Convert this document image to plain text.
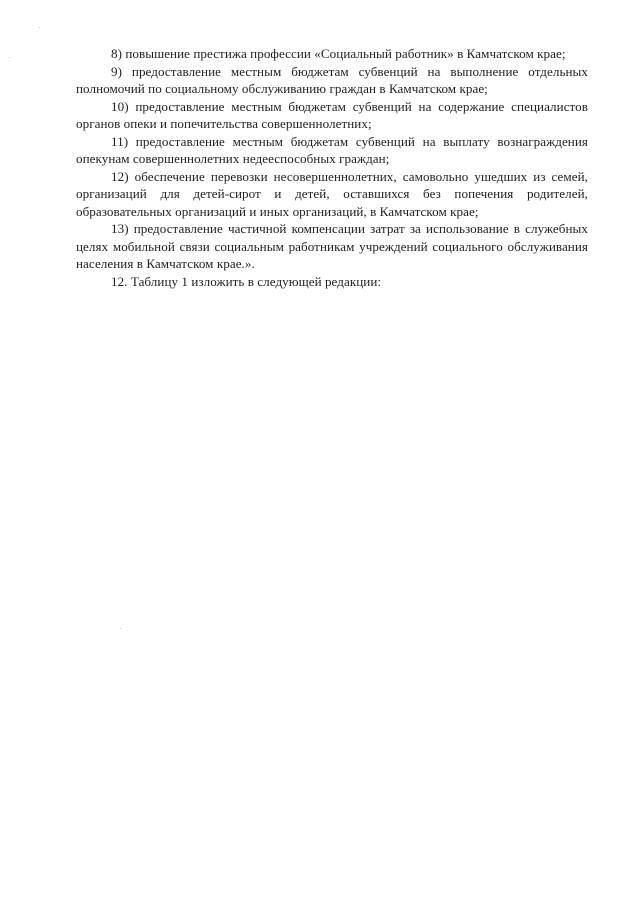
8) повышение престижа профессии «Социальный работник» в Камчатском крае;

9) предоставление местным бюджетам субвенций на выполнение отдельных полномочий по социальному обслуживанию граждан в Камчатском крае;

10) предоставление местным бюджетам субвенций на содержание специалистов органов опеки и попечительства совершеннолетних;

11) предоставление местным бюджетам субвенций на выплату вознаграждения опекунам совершеннолетних недееспособных граждан;

12) обеспечение перевозки несовершеннолетних, самовольно ушедших из семей, организаций для детей-сирот и детей, оставшихся без попечения родителей, образовательных организаций и иных организаций, в Камчатском крае;

13) предоставление частичной компенсации затрат за использование в служебных целях мобильной связи социальным работникам учреждений социального обслуживания населения в Камчатском крае.».

12. Таблицу 1 изложить в следующей редакции:
